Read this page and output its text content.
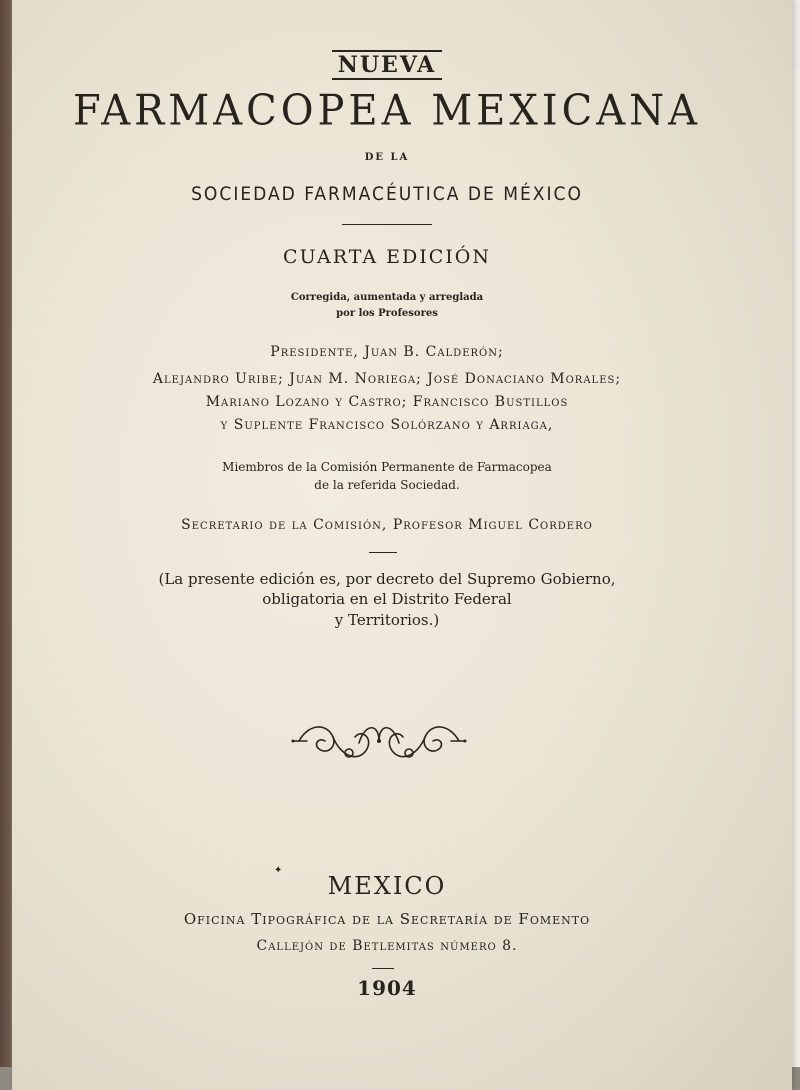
NUEVA
FARMACOPEA MEXICANA
DE LA
SOCIEDAD FARMACÉUTICA DE MÉXICO
CUARTA EDICIÓN
Corregida, aumentada y arreglada
por los Profesores
Presidente, Juan B. Calderón;
Alejandro Uribe; Juan M. Noriega; José Donaciano Morales;
Mariano Lozano y Castro; Francisco Bustillos
y Suplente Francisco Solórzano y Arriaga,
Miembros de la Comisión Permanente de Farmacopea
de la referida Sociedad.
Secretario de la Comisión, Profesor Miguel Cordero
(La presente edición es, por decreto del Supremo Gobierno,
obligatoria en el Distrito Federal
y Territorios.)
✦
MEXICO
Oficina Tipográfica de la Secretaría de Fomento
Callejón de Betlemitas número 8.
1904
